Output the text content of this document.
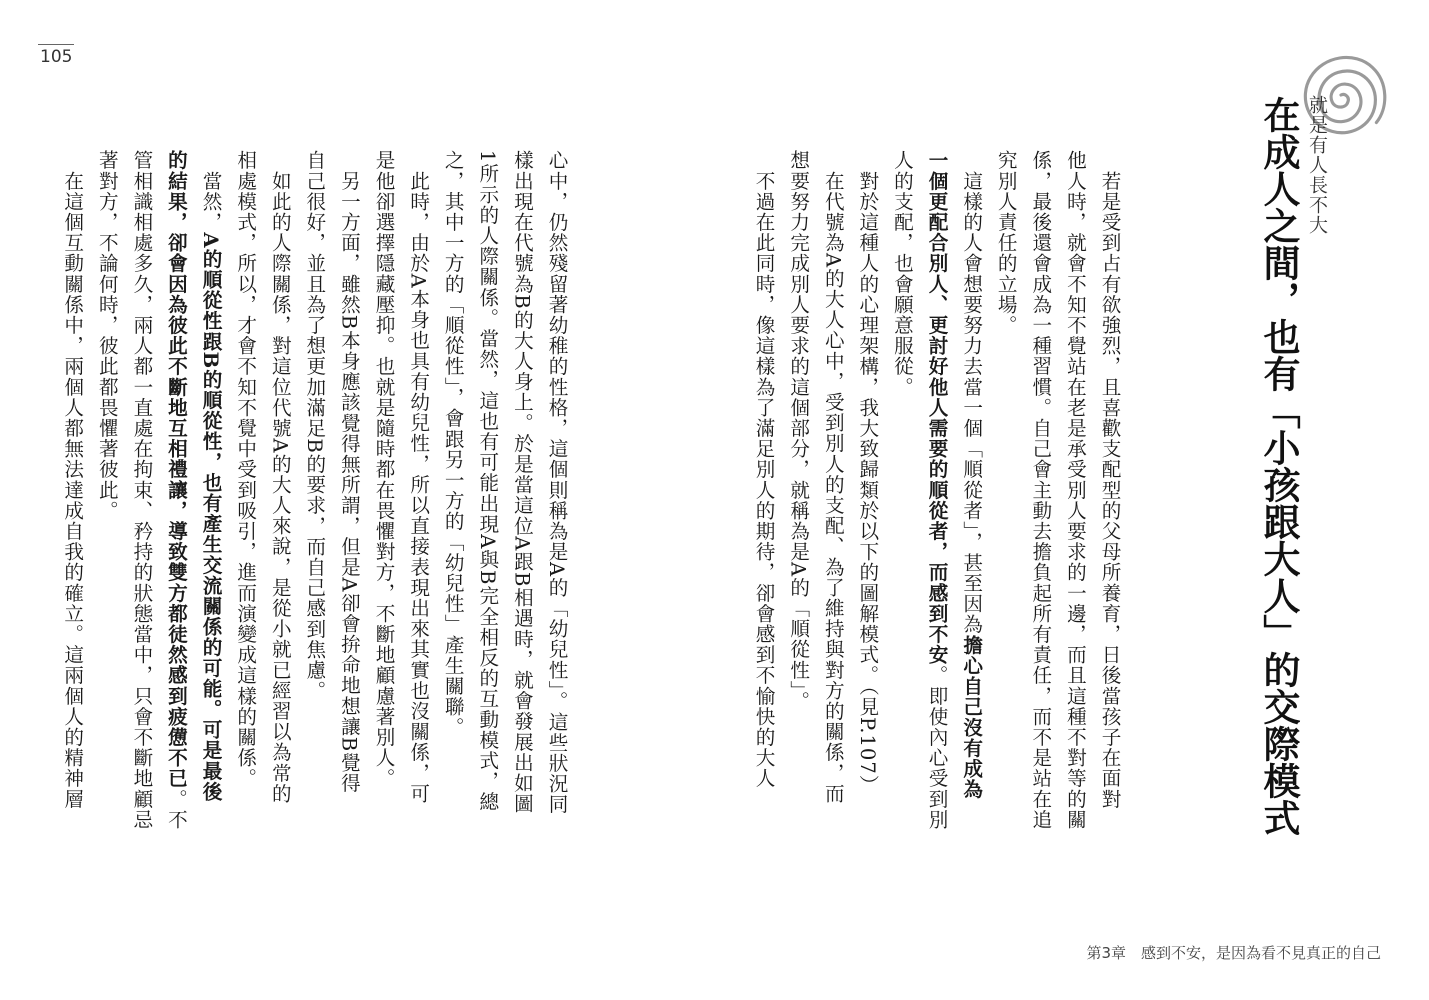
105
就是有人長不大
在成人之間，也有「小孩跟大人」的交際模式
　若是受到占有欲強烈，且喜歡支配型的父母所養育，日後當孩子在面對
他人時，就會不知不覺站在老是承受別人要求的一邊，而且這種不對等的關
係，最後還會成為一種習慣。自己會主動去擔負起所有責任，而不是站在追
究別人責任的立場。
　這樣的人會想要努力去當一個「順從者」，甚至因為擔心自己沒有成為
一個更配合別人、更討好他人需要的順從者，而感到不安。即使內心受到別
人的支配，也會願意服從。
　對於這種人的心理架構，我大致歸類於以下的圖解模式。（見P.107）
　在代號為A的大人心中，受到別人的支配、為了維持與對方的關係，而
想要努力完成別人要求的這個部分，就稱為是A的「順從性」。
　不過在此同時，像這樣為了滿足別人的期待，卻會感到不愉快的大人
心中，仍然殘留著幼稚的性格，這個則稱為是A的「幼兒性」。這些狀況同
樣出現在代號為B的大人身上。於是當這位A跟B相遇時，就會發展出如圖
1所示的人際關係。當然，這也有可能出現A與B完全相反的互動模式，總
之，其中一方的「順從性」，會跟另一方的「幼兒性」產生關聯。
　此時，由於A本身也具有幼兒性，所以直接表現出來其實也沒關係，可
是他卻選擇隱藏壓抑。也就是隨時都在畏懼對方，不斷地顧慮著別人。
　另一方面，雖然B本身應該覺得無所謂，但是A卻會拚命地想讓B覺得
自己很好，並且為了想更加滿足B的要求，而自己感到焦慮。
　如此的人際關係，對這位代號A的大人來說，是從小就已經習以為常的
相處模式，所以，才會不知不覺中受到吸引，進而演變成這樣的關係。
　當然，A的順從性跟B的順從性，也有產生交流關係的可能。可是最後
的結果，卻會因為彼此不斷地互相禮讓，導致雙方都徒然感到疲憊不已。不
管相識相處多久，兩人都一直處在拘束、矜持的狀態當中，只會不斷地顧忌
著對方，不論何時，彼此都畏懼著彼此。
　在這個互動關係中，兩個人都無法達成自我的確立。這兩個人的精神層
第3章　感到不安，是因為看不見真正的自己
